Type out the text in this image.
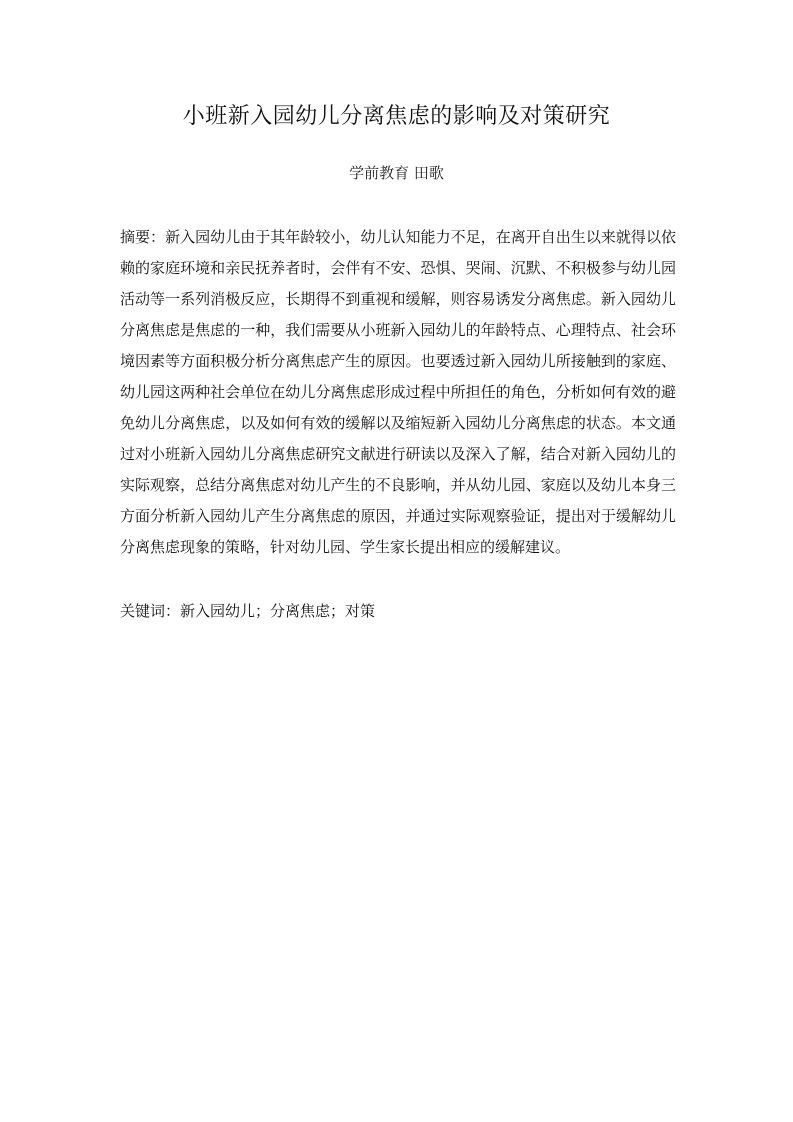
小班新入园幼儿分离焦虑的影响及对策研究
学前教育 田歌

摘要：新入园幼儿由于其年龄较小，幼儿认知能力不足，在离开自出生以来就得以依赖的家庭环境和亲民抚养者时，会伴有不安、恐惧、哭闹、沉默、不积极参与幼儿园活动等一系列消极反应，长期得不到重视和缓解，则容易诱发分离焦虑。新入园幼儿分离焦虑是焦虑的一种，我们需要从小班新入园幼儿的年龄特点、心理特点、社会环境因素等方面积极分析分离焦虑产生的原因。也要透过新入园幼儿所接触到的家庭、幼儿园这两种社会单位在幼儿分离焦虑形成过程中所担任的角色，分析如何有效的避免幼儿分离焦虑，以及如何有效的缓解以及缩短新入园幼儿分离焦虑的状态。本文通过对小班新入园幼儿分离焦虑研究文献进行研读以及深入了解，结合对新入园幼儿的实际观察，总结分离焦虑对幼儿产生的不良影响，并从幼儿园、家庭以及幼儿本身三方面分析新入园幼儿产生分离焦虑的原因，并通过实际观察验证，提出对于缓解幼儿分离焦虑现象的策略，针对幼儿园、学生家长提出相应的缓解建议。

关键词：新入园幼儿；分离焦虑；对策
